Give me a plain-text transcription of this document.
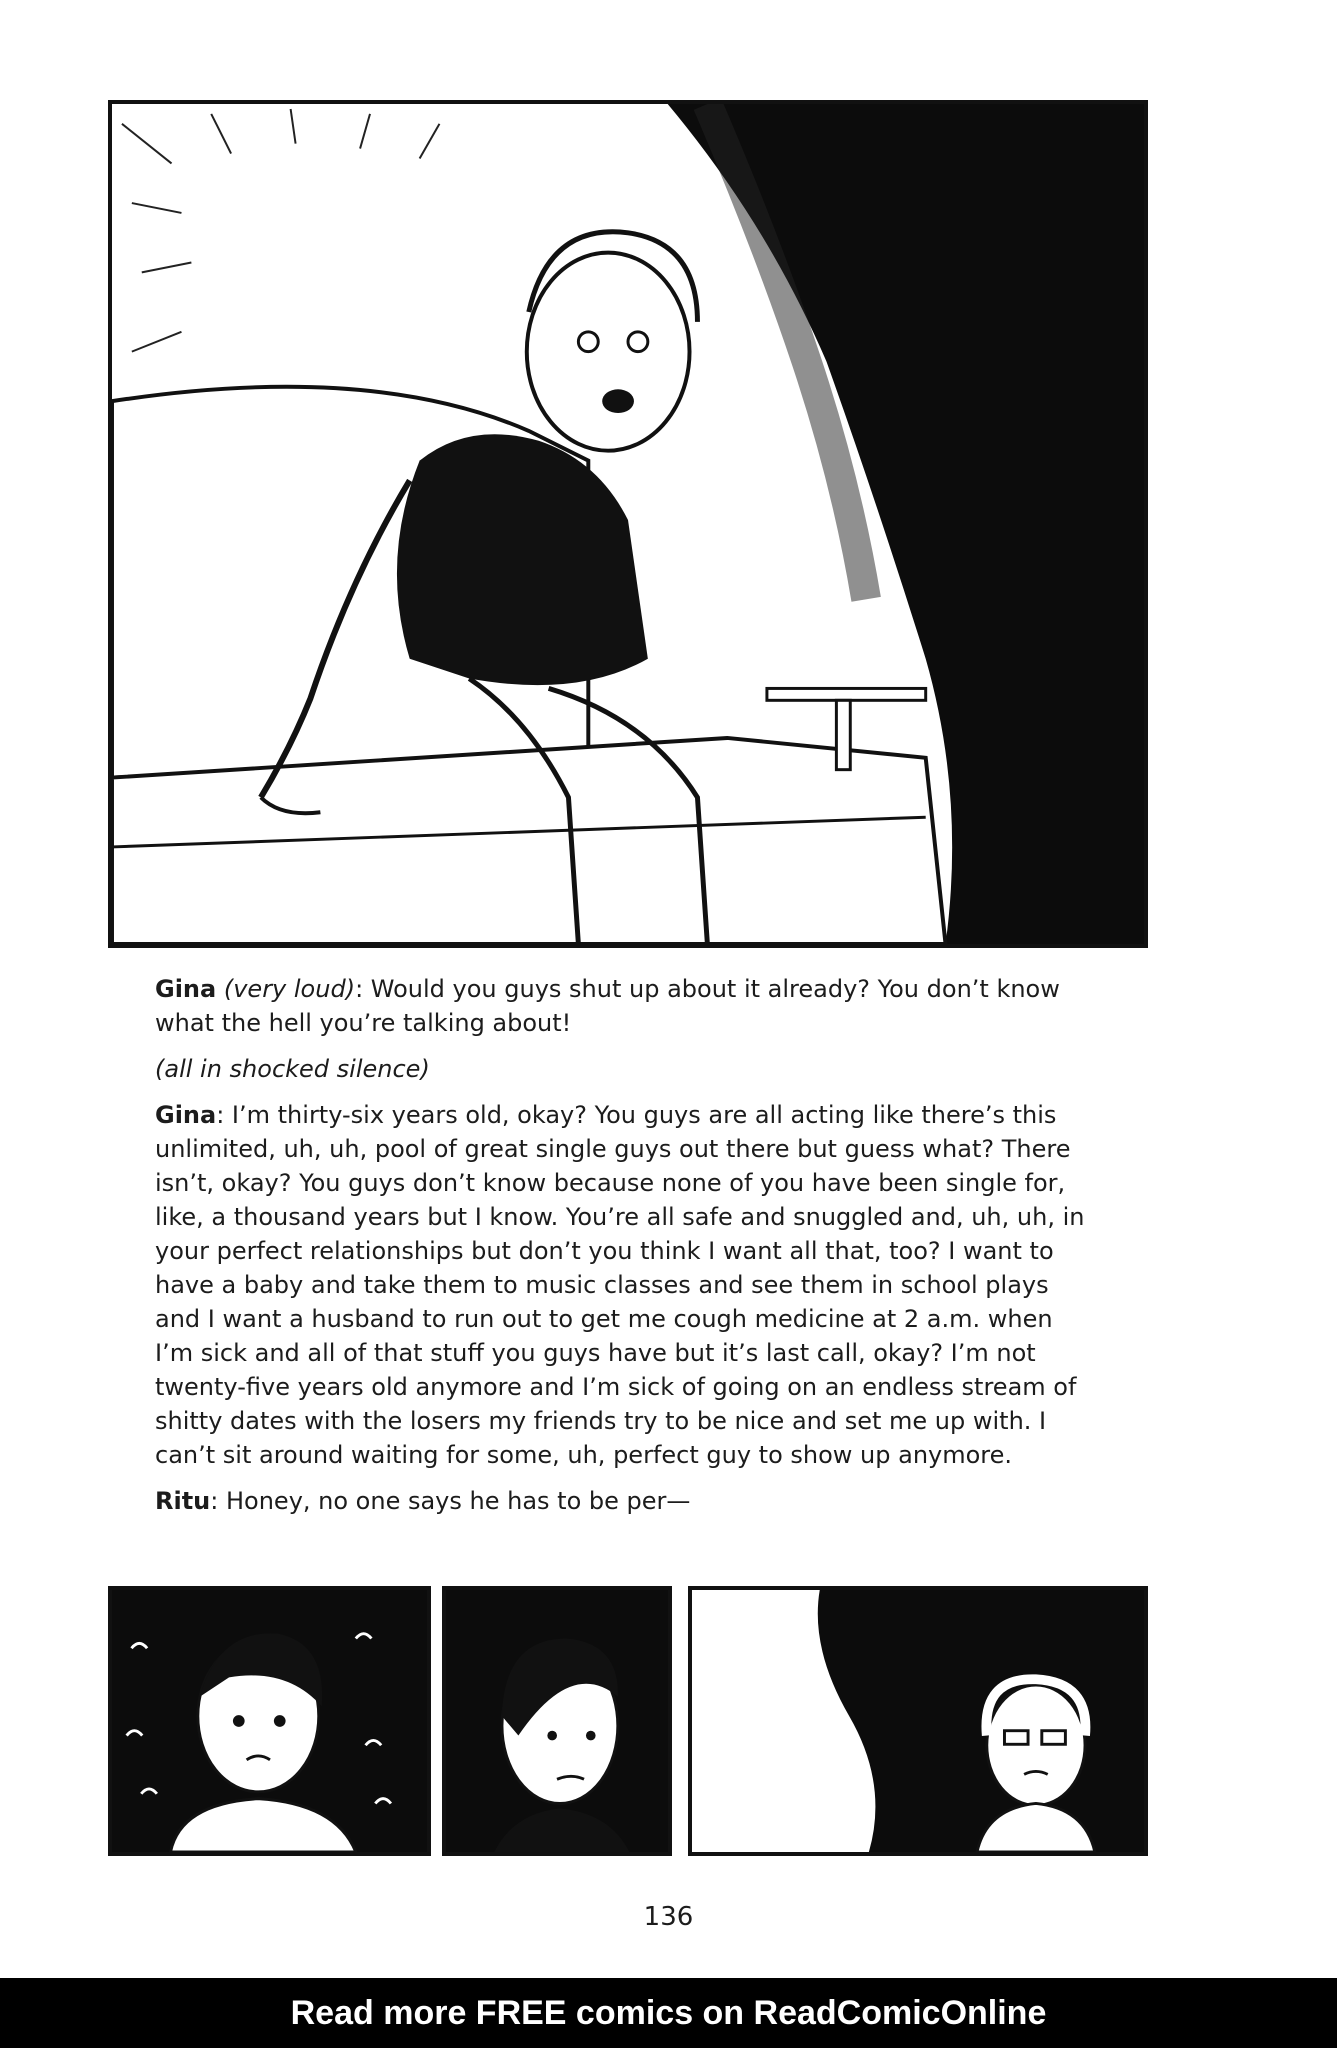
Gina (very loud): Would you guys shut up about it already? You don’t know what the hell you’re talking about!

(all in shocked silence)

Gina: I’m thirty-six years old, okay? You guys are all acting like there’s this unlimited, uh, uh, pool of great single guys out there but guess what? There isn’t, okay? You guys don’t know because none of you have been single for, like, a thousand years but I know. You’re all safe and snuggled and, uh, uh, in your perfect relationships but don’t you think I want all that, too? I want to have a baby and take them to music classes and see them in school plays and I want a husband to run out to get me cough medicine at 2 a.m. when I’m sick and all of that stuff you guys have but it’s last call, okay? I’m not twenty-five years old anymore and I’m sick of going on an endless stream of shitty dates with the losers my friends try to be nice and set me up with. I can’t sit around waiting for some, uh, perfect guy to show up anymore.

Ritu: Honey, no one says he has to be per—

136
Read more FREE comics on ReadComicOnline
